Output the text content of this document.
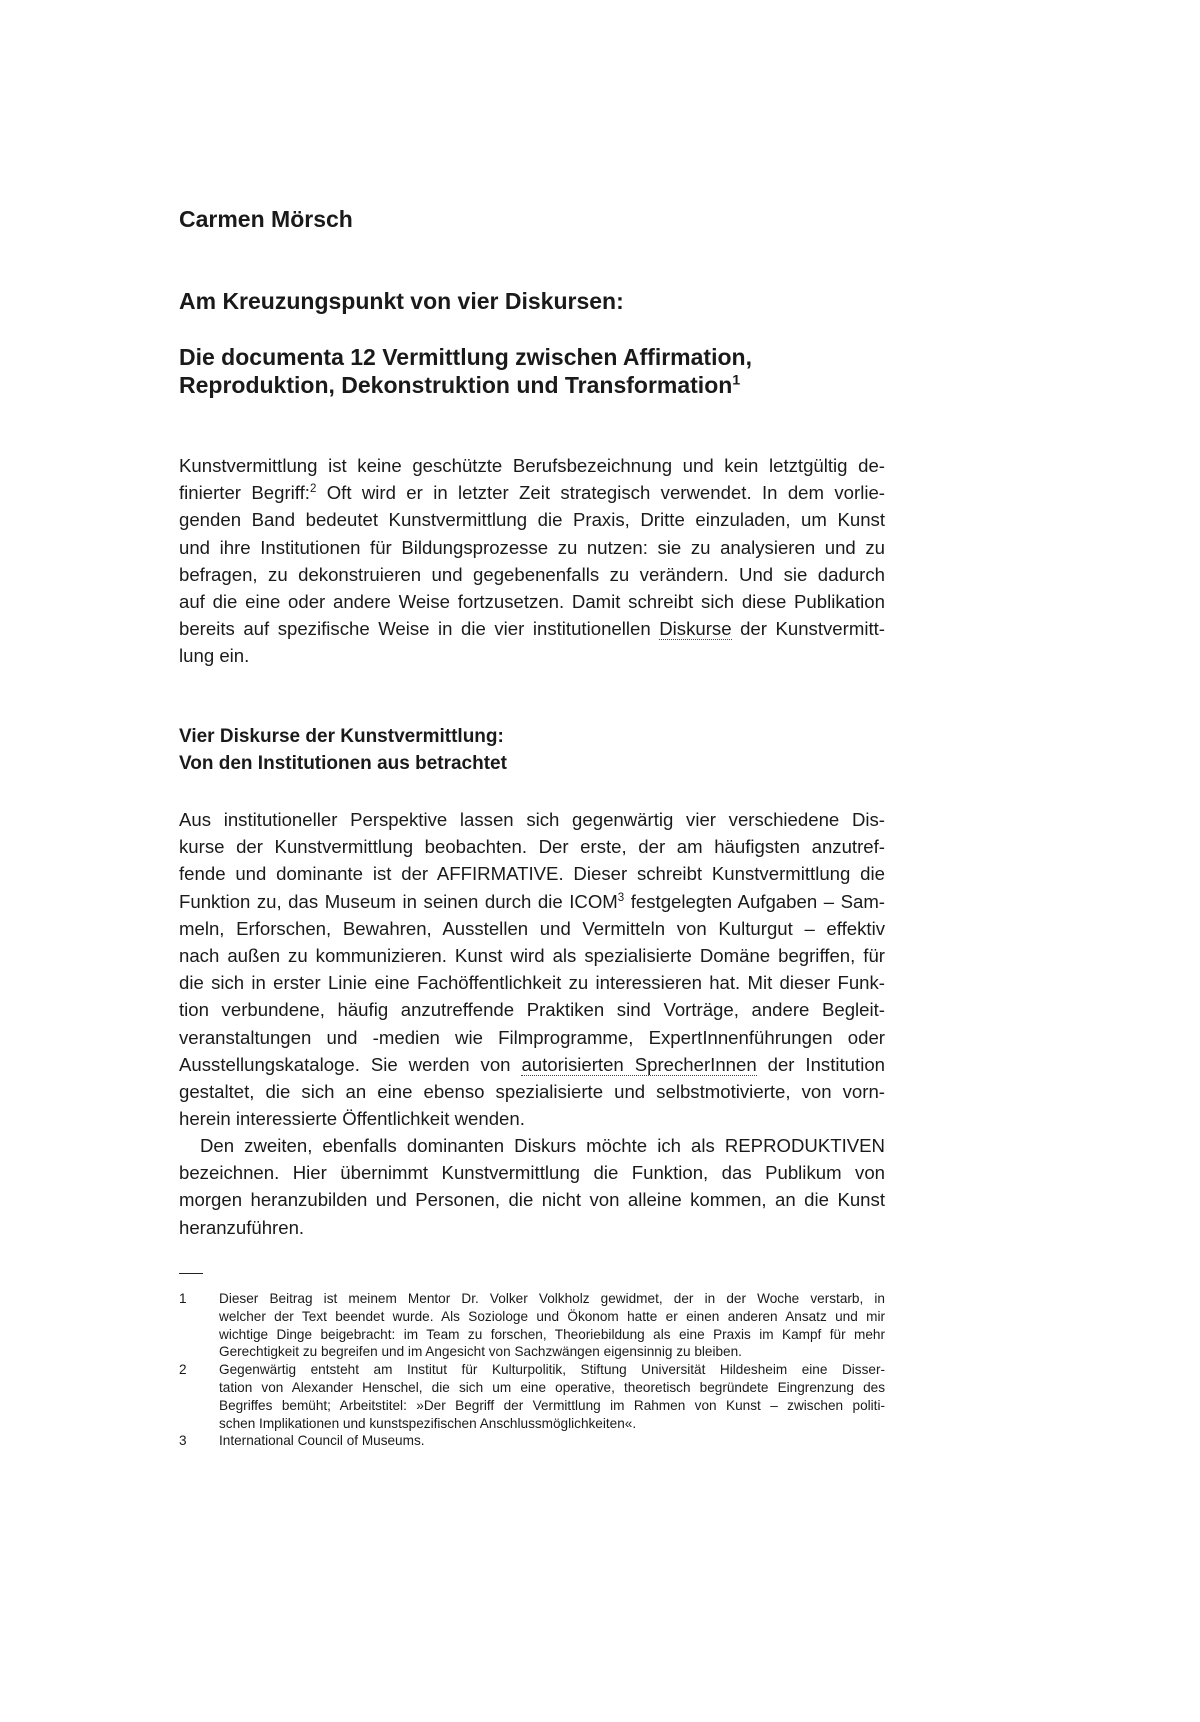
Carmen Mörsch
Am Kreuzungspunkt von vier Diskursen:
Die documenta 12 Vermittlung zwischen Affirmation,
Reproduktion, Dekonstruktion und Transformation$^1$
Kunstvermittlung ist keine geschützte Berufsbezeichnung und kein letztgültig de-
finierter Begriff:$^2$ Oft wird er in letzter Zeit strategisch verwendet. In dem vorlie-
genden Band bedeutet Kunstvermittlung die Praxis, Dritte einzuladen, um Kunst
und ihre Institutionen für Bildungsprozesse zu nutzen: sie zu analysieren und zu
befragen, zu dekonstruieren und gegebenenfalls zu verändern. Und sie dadurch
auf die eine oder andere Weise fortzusetzen. Damit schreibt sich diese Publikation
bereits auf spezifische Weise in die vier institutionellen Diskurse der Kunstvermitt-
lung ein.
Vier Diskurse der Kunstvermittlung:
Von den Institutionen aus betrachtet
Aus institutioneller Perspektive lassen sich gegenwärtig vier verschiedene Dis-
kurse der Kunstvermittlung beobachten. Der erste, der am häufigsten anzutref-
fende und dominante ist der AFFIRMATIVE. Dieser schreibt Kunstvermittlung die
Funktion zu, das Museum in seinen durch die ICOM$^3$ festgelegten Aufgaben – Sam-
meln, Erforschen, Bewahren, Ausstellen und Vermitteln von Kulturgut – effektiv
nach außen zu kommunizieren. Kunst wird als spezialisierte Domäne begriffen, für
die sich in erster Linie eine Fachöffentlichkeit zu interessieren hat. Mit dieser Funk-
tion verbundene, häufig anzutreffende Praktiken sind Vorträge, andere Begleit-
veranstaltungen und -medien wie Filmprogramme, ExpertInnenführungen oder
Ausstellungskataloge. Sie werden von autorisierten SprecherInnen der Institution
gestaltet, die sich an eine ebenso spezialisierte und selbstmotivierte, von vorn-
herein interessierte Öffentlichkeit wenden.
Den zweiten, ebenfalls dominanten Diskurs möchte ich als REPRODUKTIVEN
bezeichnen. Hier übernimmt Kunstvermittlung die Funktion, das Publikum von
morgen heranzubilden und Personen, die nicht von alleine kommen, an die Kunst
heranzuführen.
1 Dieser Beitrag ist meinem Mentor Dr. Volker Volkholz gewidmet, der in der Woche verstarb, in
welcher der Text beendet wurde. Als Soziologe und Ökonom hatte er einen anderen Ansatz und mir
wichtige Dinge beigebracht: im Team zu forschen, Theoriebildung als eine Praxis im Kampf für mehr
Gerechtigkeit zu begreifen und im Angesicht von Sachzwängen eigensinnig zu bleiben.
2 Gegenwärtig entsteht am Institut für Kulturpolitik, Stiftung Universität Hildesheim eine Disser-
tation von Alexander Henschel, die sich um eine operative, theoretisch begründete Eingrenzung des
Begriffes bemüht; Arbeitstitel: »Der Begriff der Vermittlung im Rahmen von Kunst – zwischen politi-
schen Implikationen und kunstspezifischen Anschlussmöglichkeiten«.
3 International Council of Museums.
